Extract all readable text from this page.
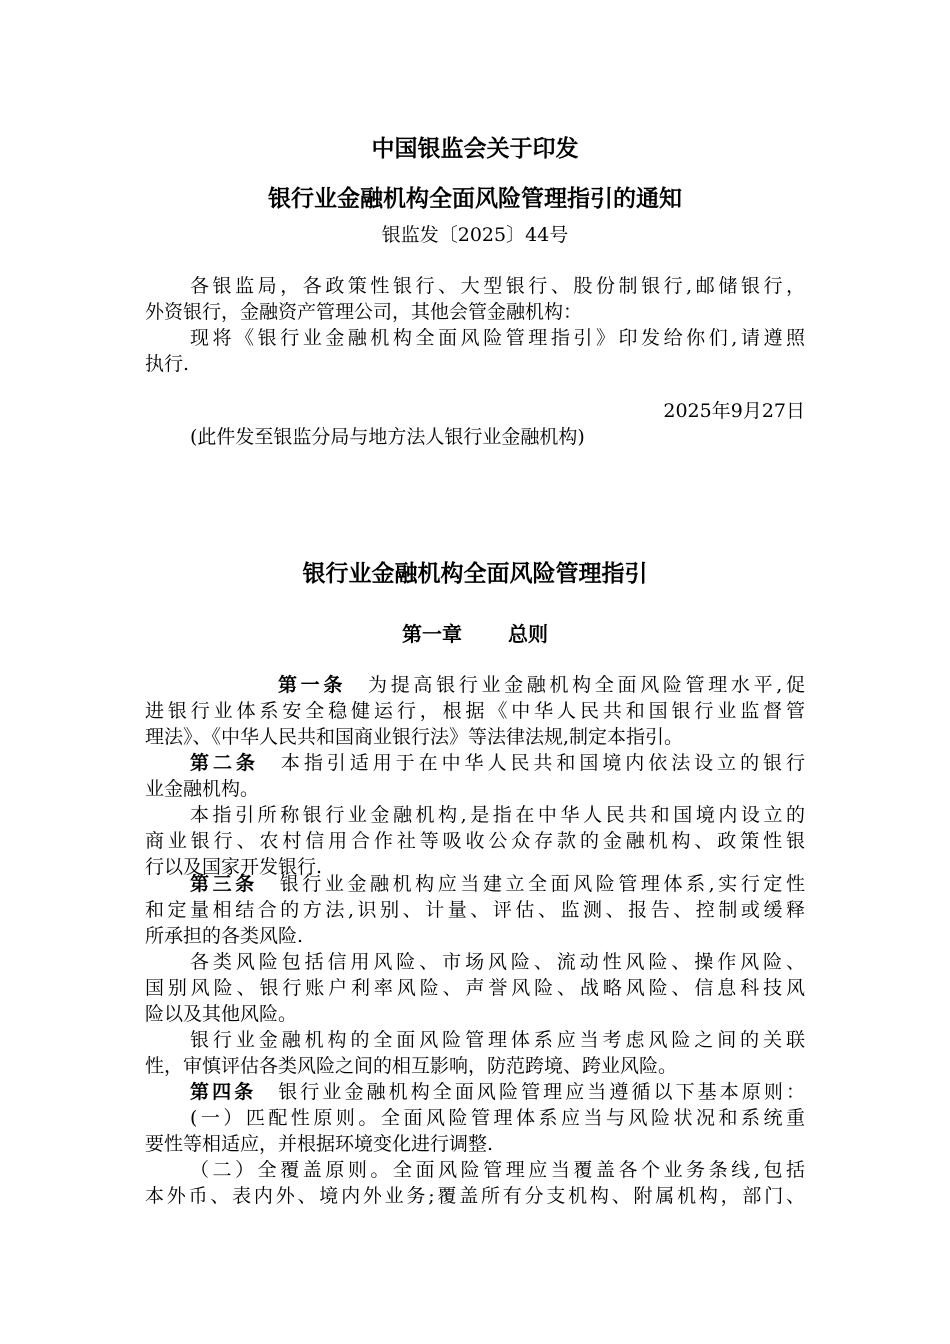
中国银监会关于印发
银行业金融机构全面风险管理指引的通知
银监发〔2025〕44号
各银监局，各政策性银行、大型银行、股份制银行,邮储银行，
外资银行，金融资产管理公司，其他会管金融机构：
现将《银行业金融机构全面风险管理指引》印发给你们,请遵照
执行.
2025年9月27日
(此件发至银监分局与地方法人银行业金融机构)
银行业金融机构全面风险管理指引
第一章 总则
第一条 为提高银行业金融机构全面风险管理水平,促
进银行业体系安全稳健运行，根据《中华人民共和国银行业监督管
理法》、《中华人民共和国商业银行法》等法律法规,制定本指引。
第二条 本指引适用于在中华人民共和国境内依法设立的银行
业金融机构。
本指引所称银行业金融机构,是指在中华人民共和国境内设立的
商业银行、农村信用合作社等吸收公众存款的金融机构、政策性银
行以及国家开发银行.
第三条 银行业金融机构应当建立全面风险管理体系,实行定性
和定量相结合的方法,识别、计量、评估、监测、报告、控制或缓释
所承担的各类风险.
各类风险包括信用风险、市场风险、流动性风险、操作风险、
国别风险、银行账户利率风险、声誉风险、战略风险、信息科技风
险以及其他风险。
银行业金融机构的全面风险管理体系应当考虑风险之间的关联
性，审慎评估各类风险之间的相互影响，防范跨境、跨业风险。
第四条 银行业金融机构全面风险管理应当遵循以下基本原则：
(一）匹配性原则。全面风险管理体系应当与风险状况和系统重
要性等相适应，并根据环境变化进行调整.
（二）全覆盖原则。全面风险管理应当覆盖各个业务条线,包括
本外币、表内外、境内外业务;覆盖所有分支机构、附属机构，部门、
